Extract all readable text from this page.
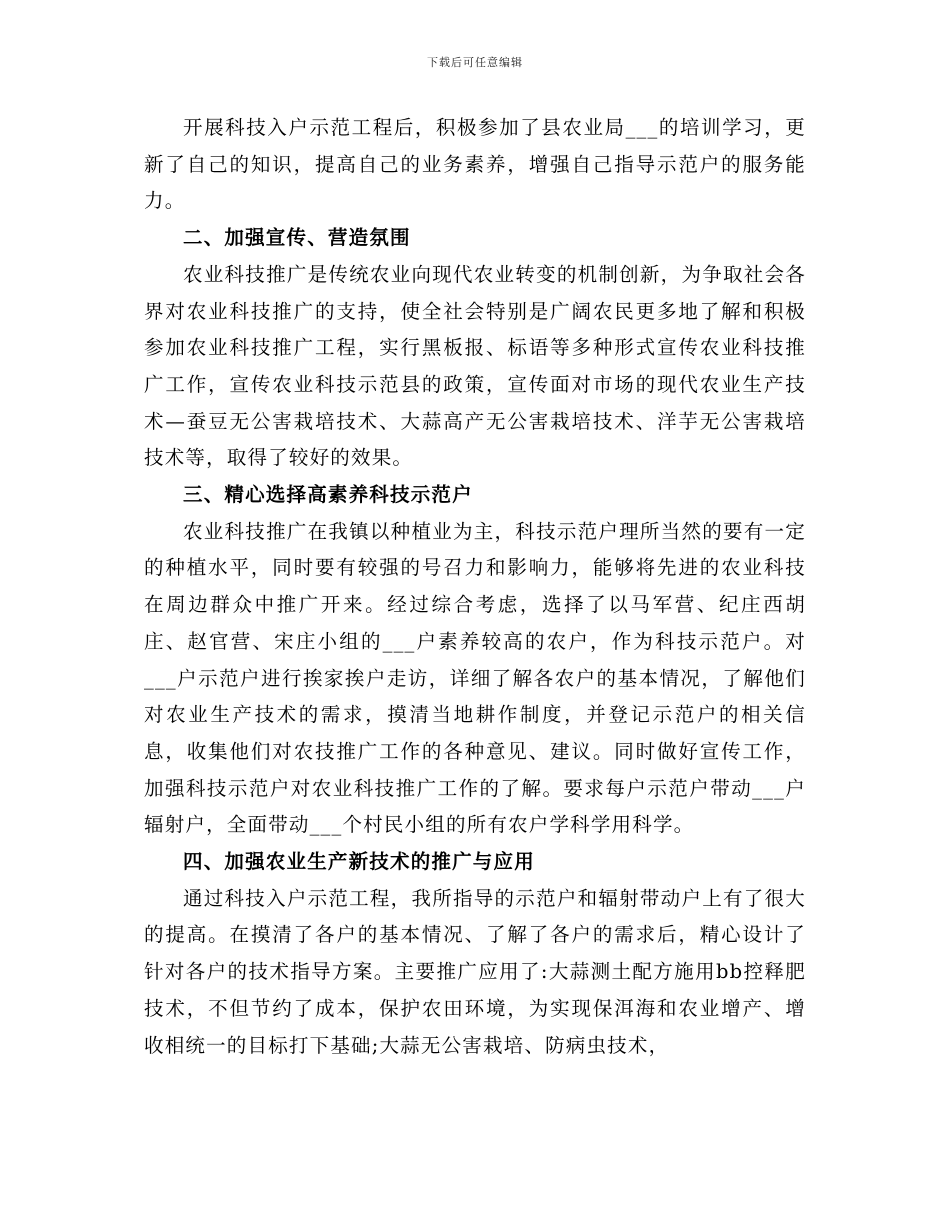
下载后可任意编辑

开展科技入户示范工程后，积极参加了县农业局___的培训学习，更新了自己的知识，提高自己的业务素养，增强自己指导示范户的服务能力。

二、加强宣传、营造氛围

农业科技推广是传统农业向现代农业转变的机制创新，为争取社会各界对农业科技推广的支持，使全社会特别是广阔农民更多地了解和积极参加农业科技推广工程，实行黑板报、标语等多种形式宣传农业科技推广工作，宣传农业科技示范县的政策，宣传面对市场的现代农业生产技术—蚕豆无公害栽培技术、大蒜高产无公害栽培技术、洋芋无公害栽培技术等，取得了较好的效果。

三、精心选择高素养科技示范户

农业科技推广在我镇以种植业为主，科技示范户理所当然的要有一定的种植水平，同时要有较强的号召力和影响力，能够将先进的农业科技在周边群众中推广开来。经过综合考虑，选择了以马军营、纪庄西胡庄、赵官营、宋庄小组的___户素养较高的农户，作为科技示范户。对___户示范户进行挨家挨户走访，详细了解各农户的基本情况，了解他们对农业生产技术的需求，摸清当地耕作制度，并登记示范户的相关信息，收集他们对农技推广工作的各种意见、建议。同时做好宣传工作，加强科技示范户对农业科技推广工作的了解。要求每户示范户带动___户辐射户，全面带动___个村民小组的所有农户学科学用科学。

四、加强农业生产新技术的推广与应用

通过科技入户示范工程，我所指导的示范户和辐射带动户上有了很大的提高。在摸清了各户的基本情况、了解了各户的需求后，精心设计了针对各户的技术指导方案。主要推广应用了:大蒜测土配方施用bb控释肥技术，不但节约了成本，保护农田环境，为实现保洱海和农业增产、增收相统一的目标打下基础;大蒜无公害栽培、防病虫技术，
